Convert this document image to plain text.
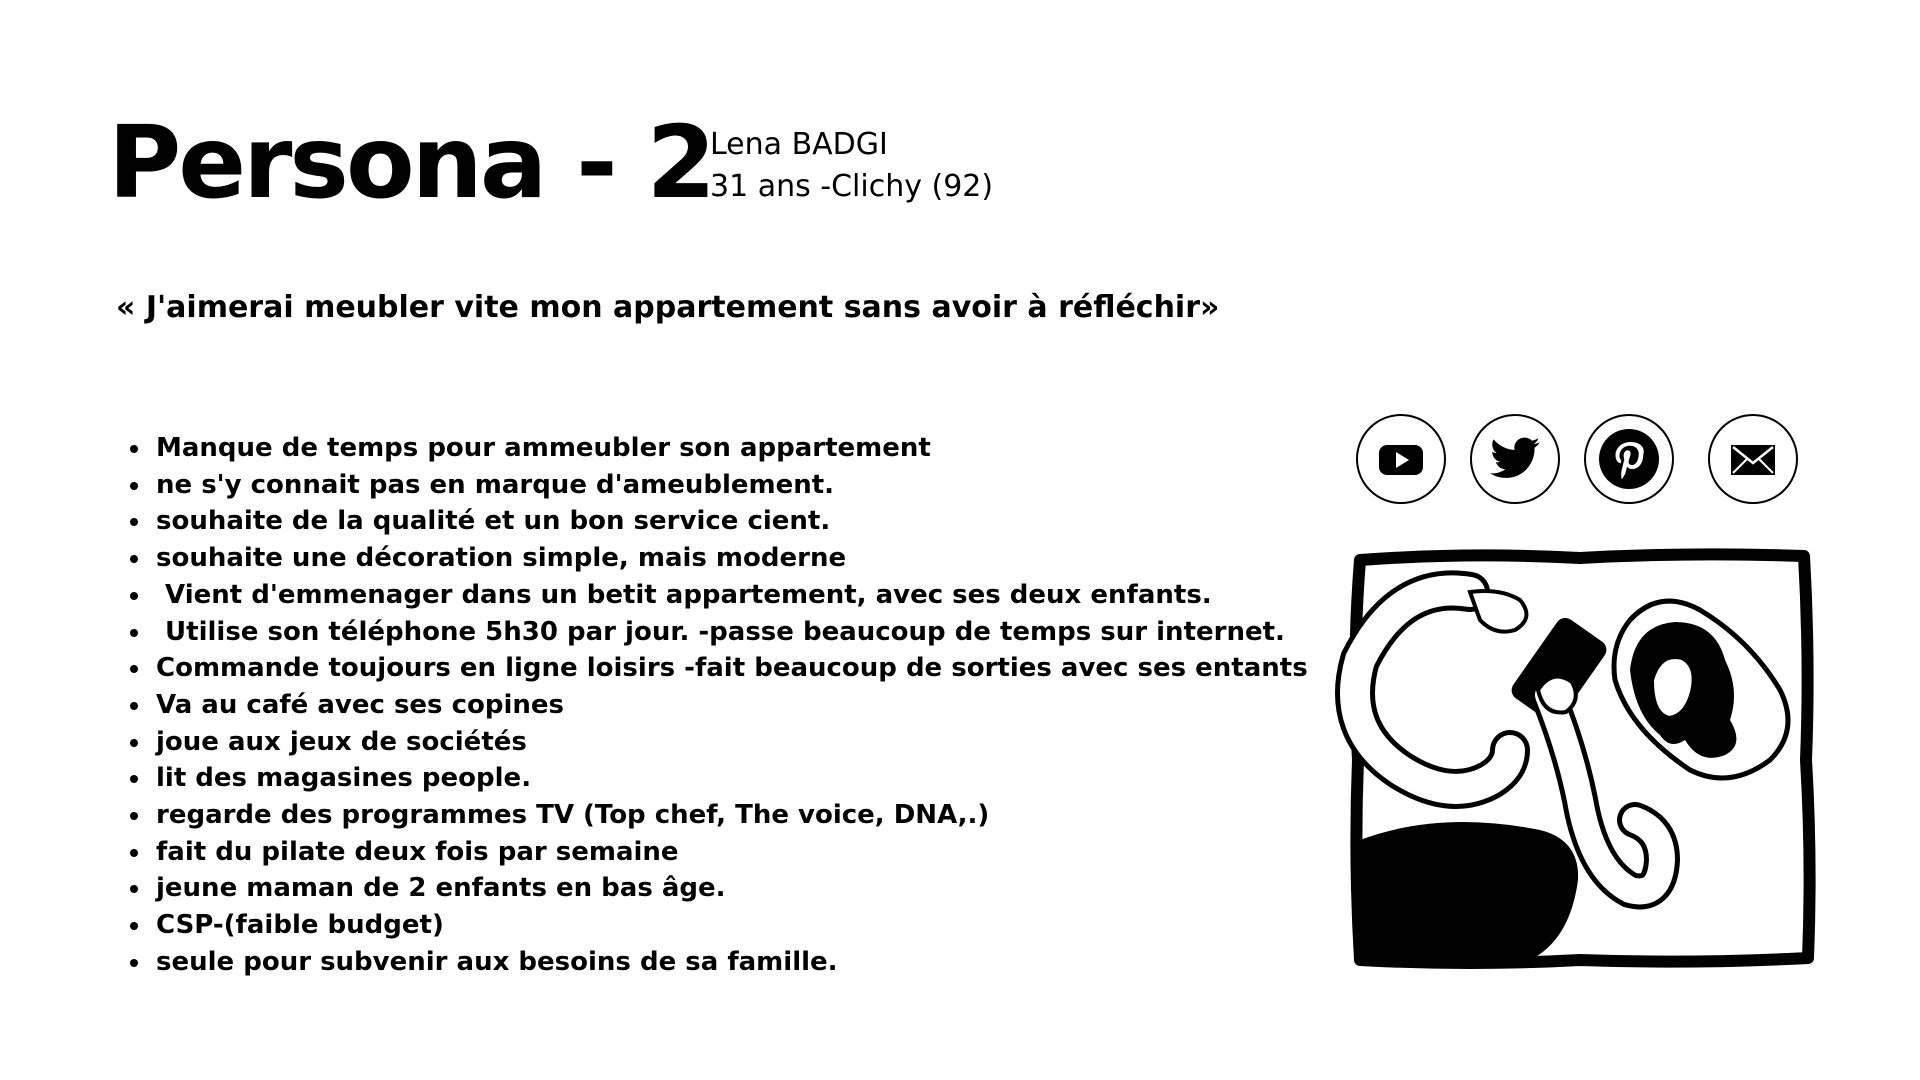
Persona - 2
Lena BADGI
31 ans -Clichy (92)

« J'aimerai meubler vite mon appartement sans avoir à réfléchir»

Manque de temps pour ammeubler son appartement
ne s'y connait pas en marque d'ameublement.
souhaite de la qualité et un bon service cient.
souhaite une décoration simple, mais moderne
Vient d'emmenager dans un betit appartement, avec ses deux enfants.
Utilise son téléphone 5h30 par jour. -passe beaucoup de temps sur internet.
Commande toujours en ligne loisirs -fait beaucoup de sorties avec ses entants
Va au café avec ses copines
joue aux jeux de sociétés
lit des magasines people.
regarde des programmes TV (Top chef, The voice, DNA,.)
fait du pilate deux fois par semaine
jeune maman de 2 enfants en bas âge.
CSP-(faible budget)
seule pour subvenir aux besoins de sa famille.
